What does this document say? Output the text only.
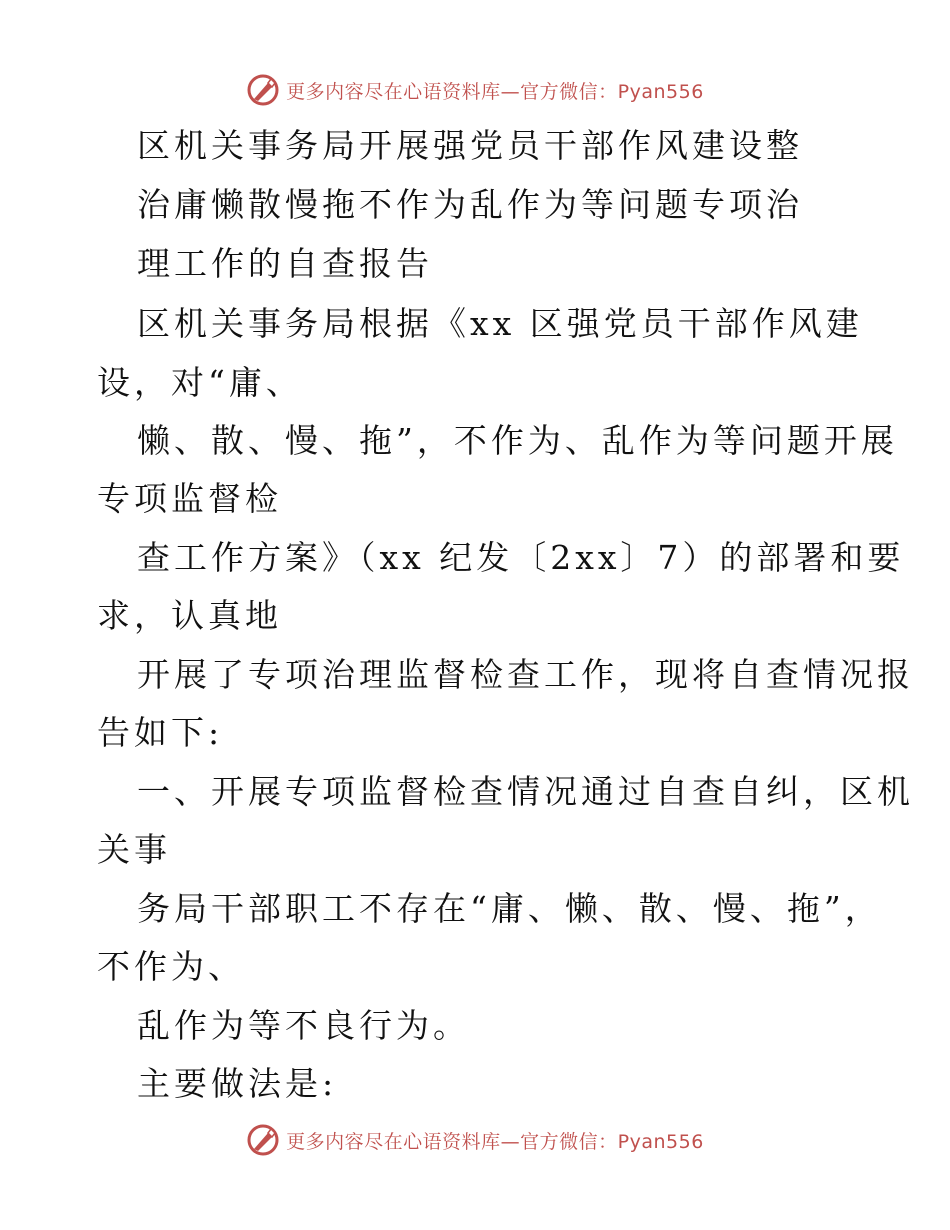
更多内容尽在心语资料库—官方微信：Pyan556
区机关事务局开展强党员干部作风建设整
治庸懒散慢拖不作为乱作为等问题专项治
理工作的自查报告
区机关事务局根据《xx 区强党员干部作风建
设，对“庸、
懒、散、慢、拖”，不作为、乱作为等问题开展
专项监督检
查工作方案》（xx 纪发〔2xx〕7）的部署和要
求，认真地
开展了专项治理监督检查工作，现将自查情况报
告如下:
一、开展专项监督检查情况通过自查自纠，区机
关事
务局干部职工不存在“庸、懒、散、慢、拖”，
不作为、
乱作为等不良行为。
主要做法是:
更多内容尽在心语资料库—官方微信：Pyan556
